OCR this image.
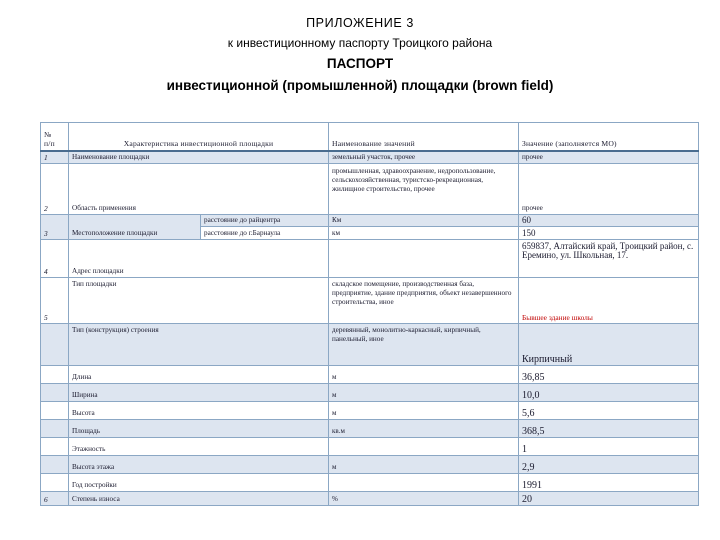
ПРИЛОЖЕНИЕ 3
к инвестиционному паспорту Троицкого района
ПАСПОРТ
инвестиционной (промышленной) площадки (brown field)
№
п/п	Характеристика инвестиционной площадки		Наименование значений	Значение (заполняется МО)
1	Наименование площадки		земельный участок, прочее	прочее
2	Область применения		промышленная, здравоохранение, недропользование, сельскохозяйственная, туристско-рекреационная, жилищное строительство, прочее	прочее
3	Местоположение площадки	расстояние до райцентра	Км	60
		расстояние до г.Барнаула	км	150
4	Адрес площадки			659837, Алтайский край, Троицкий район, с. Еремино, ул. Школьная, 17.
5	Тип площадки		складское помещение, производственная база, предприятие, здание предприятия, объект незавершенного строительства, иное	Бывшее здание школы
	Тип (конструкция) строения		деревянный, монолитно-каркасный, кирпичный, панельный, иное	Кирпичный
	Длина		м	36,85
	Ширина		м	10,0
	Высота		м	5,6
	Площадь		кв.м	368,5
	Этажность			1
	Высота этажа		м	2,9
	Год постройки			1991
6	Степень износа		%	20
